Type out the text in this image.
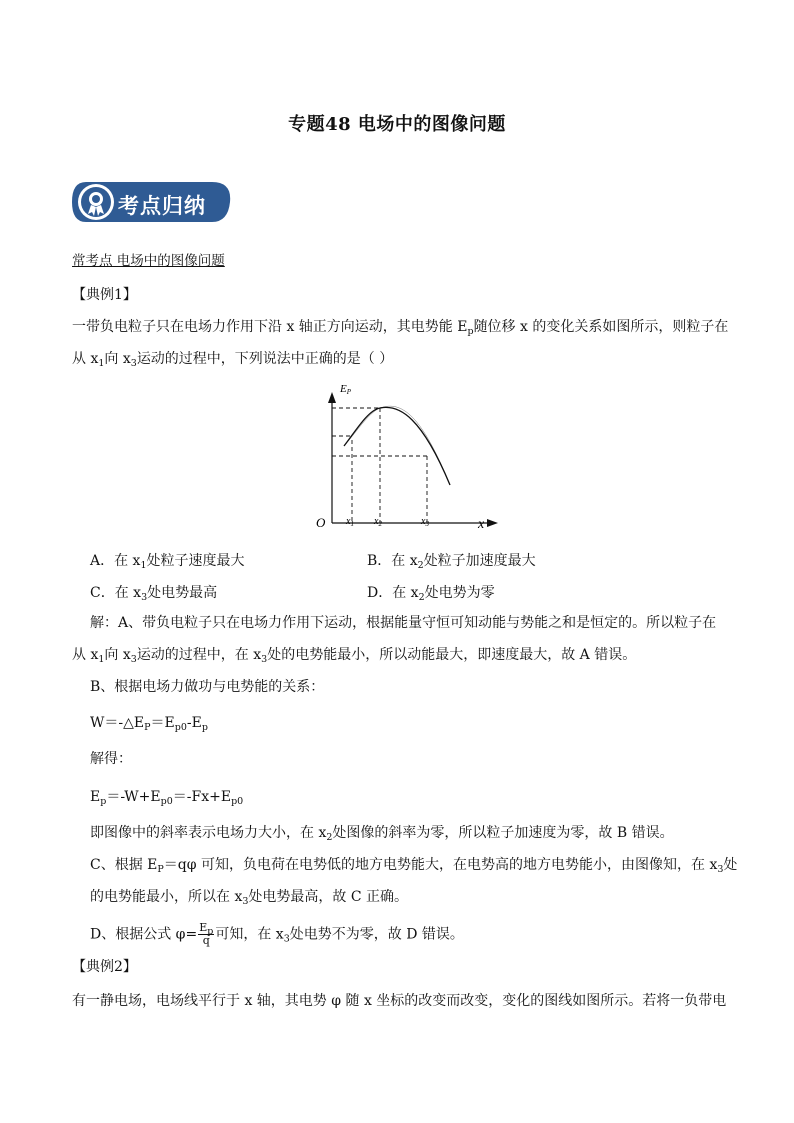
专题48 电场中的图像问题
考点归纳
常考点 电场中的图像问题
【典例1】
一带负电粒子只在电场力作用下沿 x 轴正方向运动，其电势能 $E_p$随位移 x 的变化关系如图所示，则粒子在
从 $x_1$向 $x_3$运动的过程中，下列说法中正确的是（ ）
EP
O	x
$x_1$ $x_2$	$x_3$
A．在 $x_1$处粒子速度最大	B．在 $x_2$处粒子加速度最大
C．在 $x_3$处电势最高	D．在 $x_2$处电势为零
解：A、带负电粒子只在电场力作用下运动，根据能量守恒可知动能与势能之和是恒定的。所以粒子在
从 $x_1$向 $x_3$运动的过程中，在 $x_3$处的电势能最小，所以动能最大，即速度最大，故 A 错误。
B、根据电场力做功与电势能的关系：
$W=-\triangle E_P=E_{p0}-E_p$
解得：
$E_p=-W+E_{p0}=-Fx+E_{p0}$
即图像中的斜率表示电场力大小，在 $x_2$处图像的斜率为零，所以粒子加速度为零，故 B 错误。
C、根据 $E_P=q\varphi$ 可知，负电荷在电势低的地方电势能大，在电势高的地方电势能小，由图像知，在 $x_3$处
的电势能最小，所以在 $x_3$处电势最高，故 C 正确。
D、根据公式 $\varphi= \frac{E_p}{q}$ 可知，在 $x_3$处电势不为零，故 D 错误。
【典例2】
有一静电场，电场线平行于 x 轴，其电势 φ 随 x 坐标的改变而改变，变化的图线如图所示。若将一负带电
